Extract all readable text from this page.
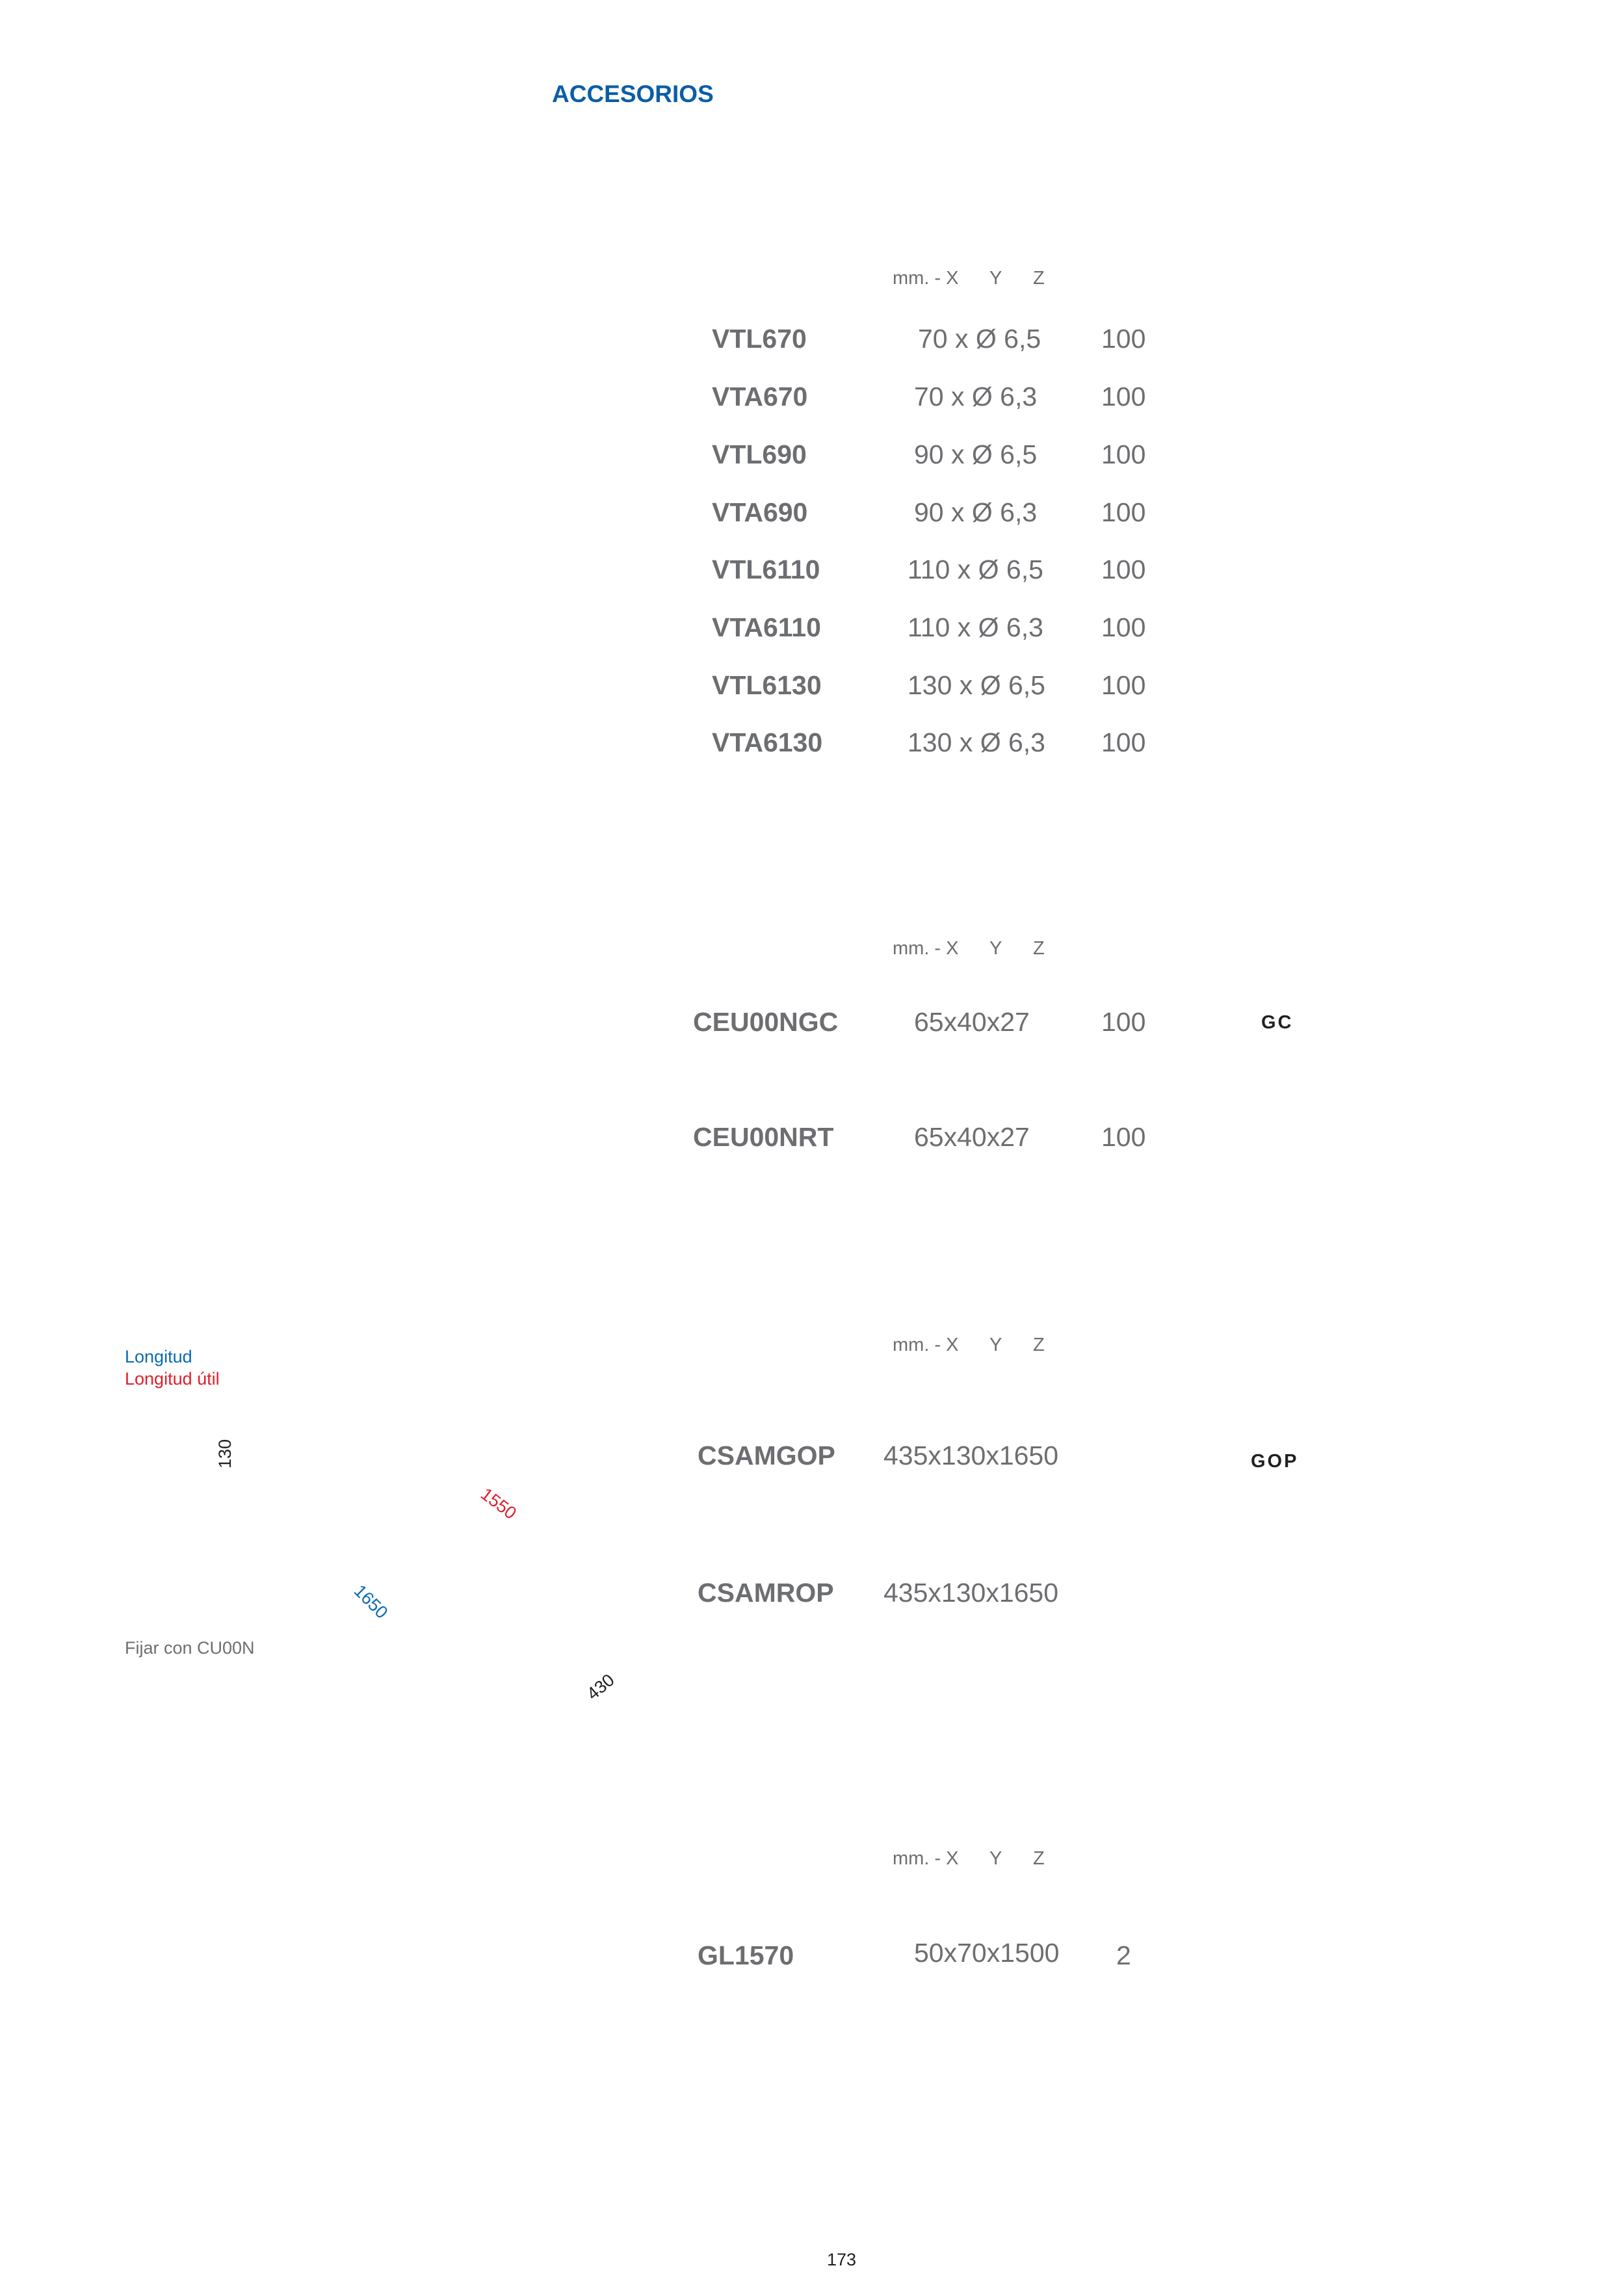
ACCESORIOS
mm. - X Y Z
VTL670	70 x Ø 6,5 100
VTA670	70 x Ø 6,3 100
VTL690	90 x Ø 6,5 100
VTA690	90 x Ø 6,3 100
VTL6110	110 x Ø 6,5 100
VTA6110	110 x Ø 6,3 100
VTL6130	130 x Ø 6,5 100
VTA6130	130 x Ø 6,3 100
mm. - X Y Z
CEU00NGC	65x40x27	100	GC
CEU00NRT	65x40x27	100
Longitud
Longitud útil
130
1550
1650
430
Fijar con CU00N
mm. - X Y Z
CSAMGOP 435x130x1650	GOP
CSAMROP 435x130x1650
mm. - X Y Z
GL1570	50x70x1500 2
173
